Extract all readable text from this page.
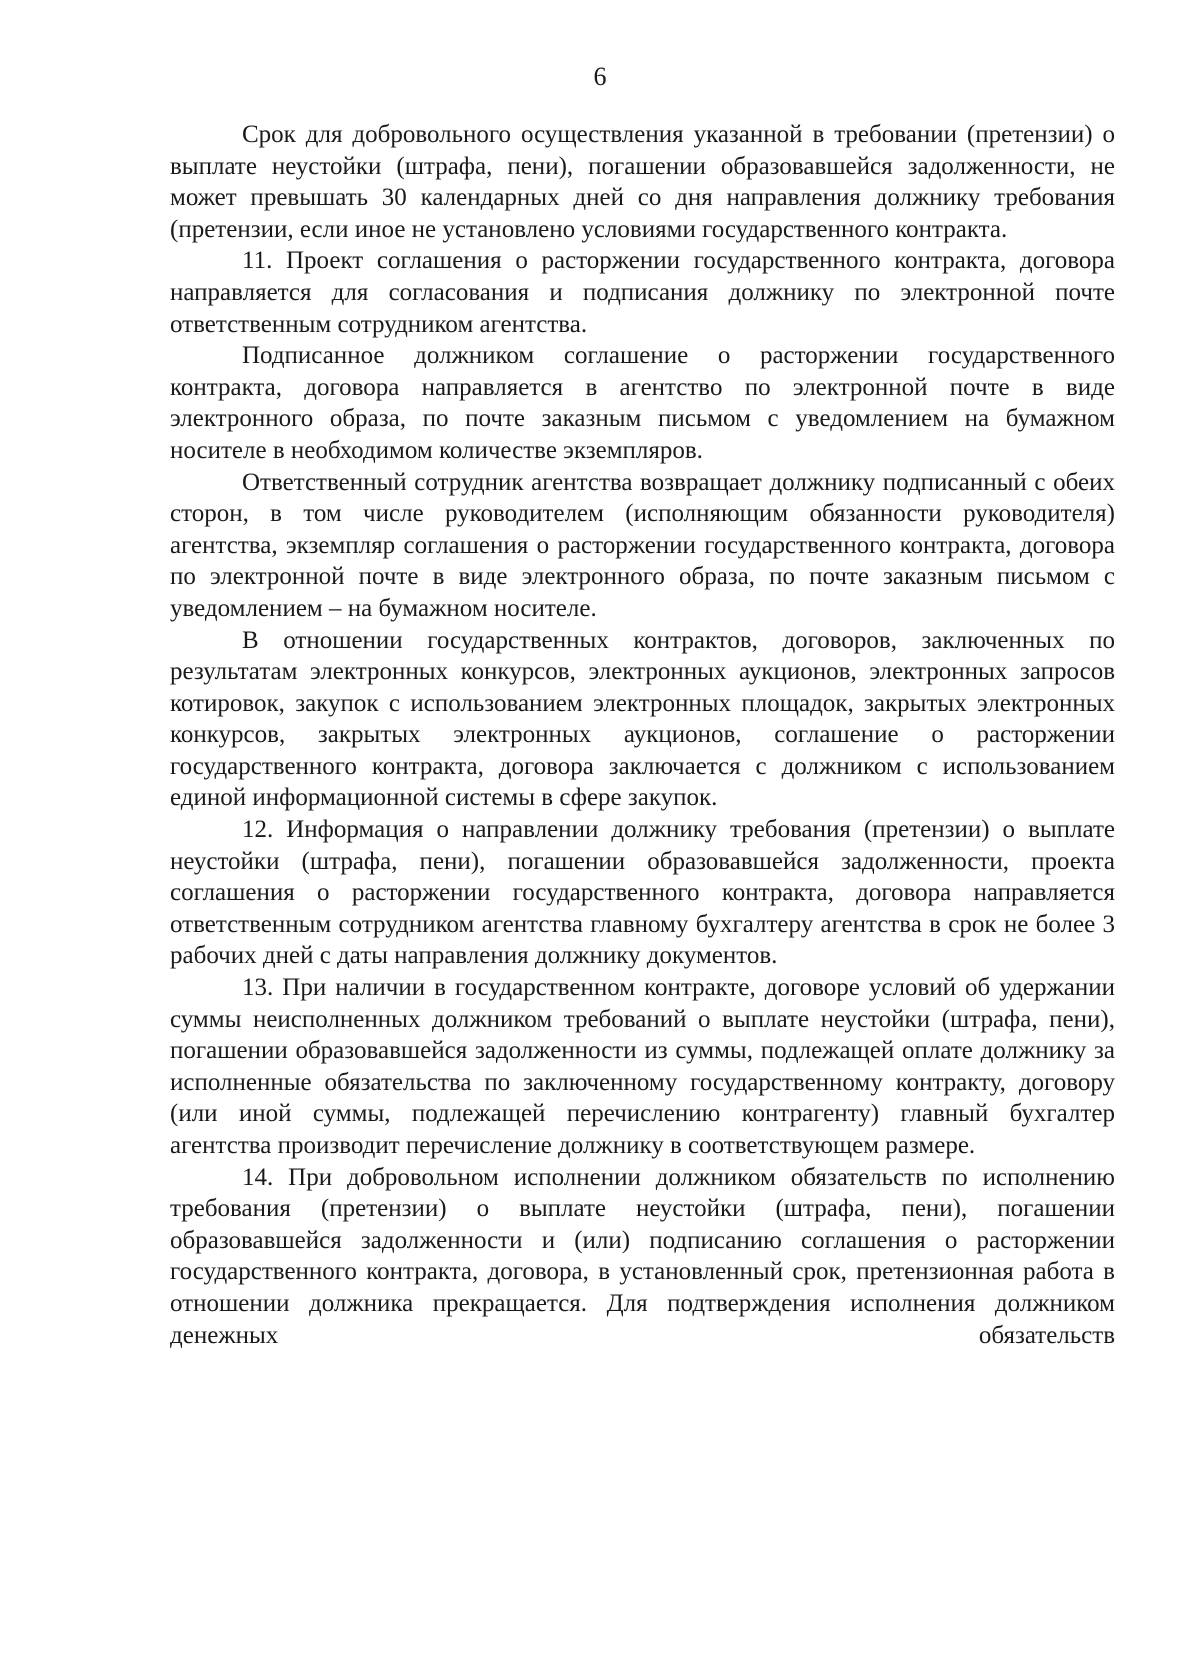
6

Срок для добровольного осуществления указанной в требовании (претензии) о выплате неустойки (штрафа, пени), погашении образовавшейся задолженности, не может превышать 30 календарных дней со дня направления должнику требования (претензии, если иное не установлено условиями государственного контракта.

11. Проект соглашения о расторжении государственного контракта, договора направляется для согласования и подписания должнику по электронной почте ответственным сотрудником агентства.

Подписанное должником соглашение о расторжении государственного контракта, договора направляется в агентство по электронной почте в виде электронного образа, по почте заказным письмом с уведомлением на бумажном носителе в необходимом количестве экземпляров.

Ответственный сотрудник агентства возвращает должнику подписанный с обеих сторон, в том числе руководителем (исполняющим обязанности руководителя) агентства, экземпляр соглашения о расторжении государственного контракта, договора по электронной почте в виде электронного образа, по почте заказным письмом с уведомлением – на бумажном носителе.

В отношении государственных контрактов, договоров, заключенных по результатам электронных конкурсов, электронных аукционов, электронных запросов котировок, закупок с использованием электронных площадок, закрытых электронных конкурсов, закрытых электронных аукционов, соглашение о расторжении государственного контракта, договора заключается с должником с использованием единой информационной системы в сфере закупок.

12. Информация о направлении должнику требования (претензии) о выплате неустойки (штрафа, пени), погашении образовавшейся задолженности, проекта соглашения о расторжении государственного контракта, договора направляется ответственным сотрудником агентства главному бухгалтеру агентства в срок не более 3 рабочих дней с даты направления должнику документов.

13. При наличии в государственном контракте, договоре условий об удержании суммы неисполненных должником требований о выплате неустойки (штрафа, пени), погашении образовавшейся задолженности из суммы, подлежащей оплате должнику за исполненные обязательства по заключенному государственному контракту, договору (или иной суммы, подлежащей перечислению контрагенту) главный бухгалтер агентства производит перечисление должнику в соответствующем размере.

14. При добровольном исполнении должником обязательств по исполнению требования (претензии) о выплате неустойки (штрафа, пени), погашении образовавшейся задолженности и (или) подписанию соглашения о расторжении государственного контракта, договора, в установленный срок, претензионная работа в отношении должника прекращается. Для подтверждения исполнения должником денежных обязательств
